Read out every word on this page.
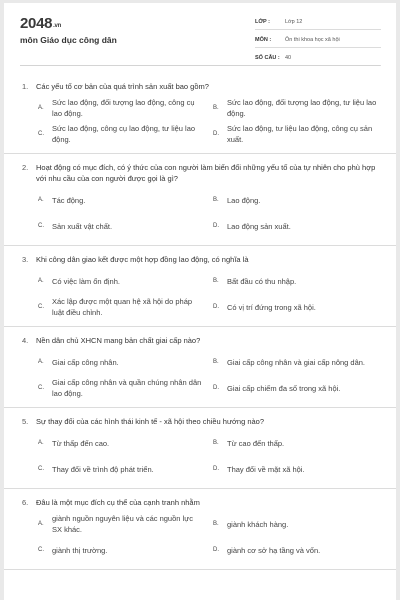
2048.vn
môn Giáo dục công dân
LỚP :	Lớp 12
MÔN :	Ôn thi khoa học xã hội
SỐ CÂU : 40
1.	Các yếu tố cơ bản của quá trình sản xuất bao gồm?
A.
Sức lao động, đối tượng lao động, công cụ lao động.
B.
Sức lao động, đối tượng lao động, tư liệu lao động.
C.
Sức lao động, công cụ lao động, tư liệu lao động.
D.
Sức lao động, tư liệu lao động, công cụ sản xuất.
2.	Hoạt động có mục đích, có ý thức của con người làm biến đổi những yếu tố của tự nhiên cho phù hợp với nhu cầu của con người được gọi là gì?
A.	Tác động.	B.	Lao động.
C.	Sản xuất vật chất.	D.	Lao động sản xuất.
3.	Khi công dân giao kết được một hợp đồng lao động, có nghĩa là
A.	Có việc làm ổn định.	B.	Bất đầu có thu nhập.
C.
Xác lập được một quan hệ xã hội do pháp luật điều chỉnh.
D.	Có vị trí đứng trong xã hội.
4.	Nền dân chủ XHCN mang bản chất giai cấp nào?
A.	Giai cấp công nhân.	B.	Giai cấp công nhân và giai cấp nông dân.
C.
Giai cấp công nhân và quần chúng nhân dân lao động.
D.	Giai cấp chiếm đa số trong xã hội.
5.	Sự thay đổi của các hình thái kinh tế - xã hội theo chiều hướng nào?
A.	Từ thấp đến cao.	B.	Từ cao đến thấp.
C.	Thay đổi về trình độ phát triển.	D.	Thay đổi về mặt xã hội.
6.	Đâu là một mục đích cụ thể của cạnh tranh nhằm
A.
giành nguồn nguyên liệu và các nguồn lực SX khác.
B.	giành khách hàng.
C.	giành thị trường.	D.	giành cơ sở hạ tầng và vốn.
